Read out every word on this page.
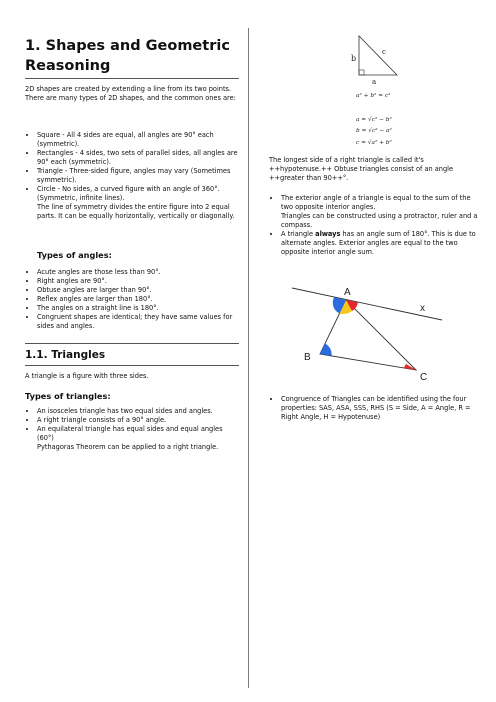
1. Shapes and Geometric Reasoning

2D shapes are created by extending a line from its two points.

There are many types of 2D shapes, and the common ones are:

• Square - All 4 sides are equal, all angles are 90° each (symmetric).
• Rectangles - 4 sides, two sets of parallel sides, all angles are 90° each (symmetric).
• Triangle - Three-sided figure, angles may vary (Sometimes symmetric).
• Circle - No sides, a curved figure with an angle of 360°. (Symmetric, infinite lines).
The line of symmetry divides the entire figure into 2 equal parts. It can be equally horizontally, vertically or diagonally.
Types of angles:
• Acute angles are those less than 90°.
• Right angles are 90°.
• Obtuse angles are larger than 90°.
• Reflex angles are larger than 180°.
• The angles on a straight line is 180°.
• Congruent shapes are identical; they have same values for sides and angles.
1.1. Triangles

A triangle is a figure with three sides.

Types of triangles:
• An isosceles triangle has two equal sides and angles.
• A right triangle consists of a 90° angle.
• An equilateral triangle has equal sides and equal angles (60°)
Pythagoras Theorem can be applied to a right triangle.
b
c
a
a² + b² = c²
a = √c² − b²
b = √c² − a²
c = √a² + b²

The longest side of a right triangle is called it's ++hypotenuse.++ Obtuse triangles consist of an angle ++greater than 90++°.

• The exterior angle of a triangle is equal to the sum of the two opposite interior angles.
Triangles can be constructed using a protractor, ruler and a compass.
• A triangle always has an angle sum of 180°. This is due to alternate angles. Exterior angles are equal to the two opposite interior angle sum.
A
B
C
x
• Congruence of Triangles can be identified using the four properties: SAS, ASA, SSS, RHS (S = Side, A = Angle, R = Right Angle, H = Hypotenuse)
